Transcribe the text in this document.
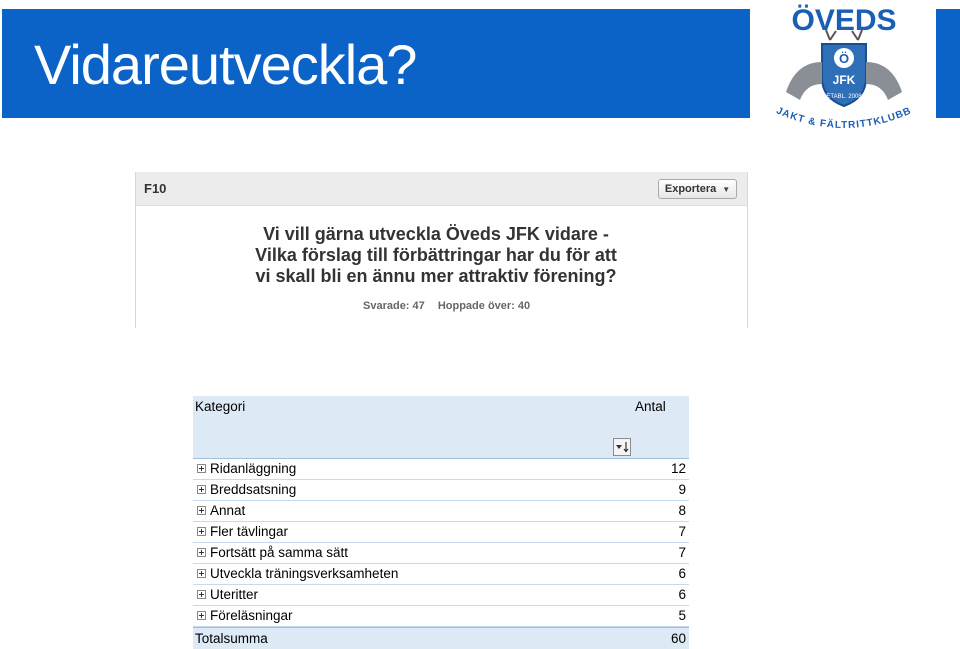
Vidareutveckla?
ÖVEDS
Ö
JFK
ETABL. 2008
JAKT & FÄLTRITTKLUBB
F10	Exportera ▼
Vi vill gärna utveckla Öveds JFK vidare -
Vilka förslag till förbättringar har du för att
vi skall bli en ännu mer attraktiv förening?
Svarade: 47 Hoppade över: 40
Kategori	Antal
Ridanläggning	12
Breddsatsning	9
Annat	8
Fler tävlingar	7
Fortsätt på samma sätt	7
Utveckla träningsverksamheten	6
Uteritter	6
Föreläsningar	5
Totalsumma	60
